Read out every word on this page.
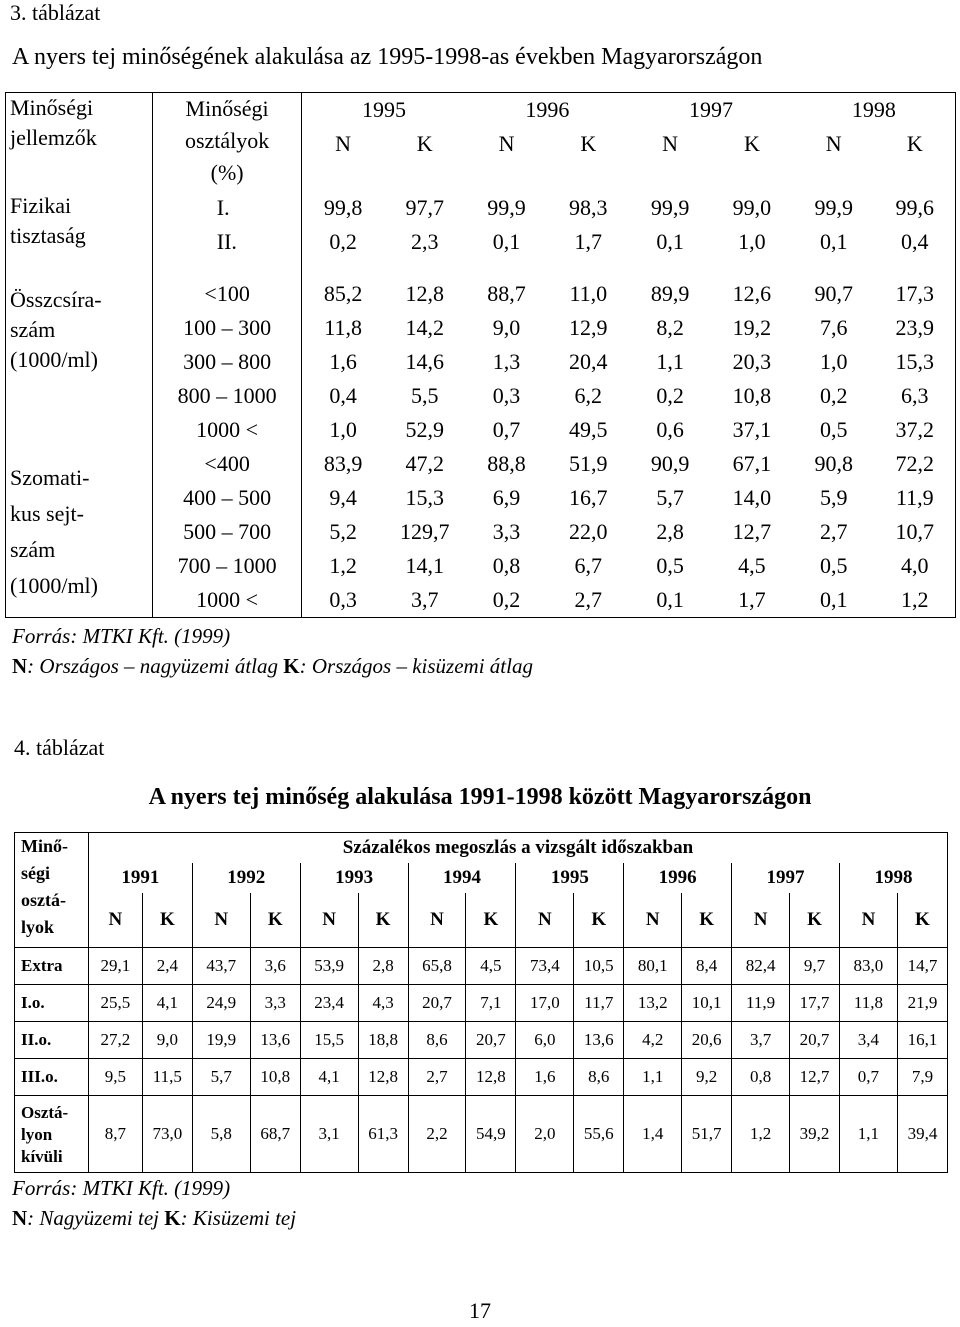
3. táblázat
A nyers tej minőségének alakulása az 1995-1998-as években Magyarországon
Minőségi
jellemzők	Minőségi
osztályok
(%)	1995		1996		1997		1998	
		N	K	N	K	N	K	N	K

Fizikai
tisztaság	I.	99,8	97,7	99,9	98,3	99,9	99,0	99,9	99,6
	II.	0,2	2,3	0,1	1,7	0,1	1,0	0,1	0,4

Összcsíra-
szám
(1000/ml)	<100	85,2	12,8	88,7	11,0	89,9	12,6	90,7	17,3
	100 – 300	11,8	14,2	9,0	12,9	8,2	19,2	7,6	23,9
	300 – 800	1,6	14,6	1,3	20,4	1,1	20,3	1,0	15,3
	800 – 1000	0,4	5,5	0,3	6,2	0,2	10,8	0,2	6,3
	1000 <	1,0	52,9	0,7	49,5	0,6	37,1	0,5	37,2
Szomati-
kus sejt-
szám
(1000/ml)	<400	83,9	47,2	88,8	51,9	90,9	67,1	90,8	72,2
	400 – 500	9,4	15,3	6,9	16,7	5,7	14,0	5,9	11,9
	500 – 700	5,2	129,7	3,3	22,0	2,8	12,7	2,7	10,7
	700 – 1000	1,2	14,1	0,8	6,7	0,5	4,5	0,5	4,0
	1000 <	0,3	3,7	0,2	2,7	0,1	1,7	0,1	1,2
Forrás: MTKI Kft. (1999)
N: Országos – nagyüzemi átlag K: Országos – kisüzemi átlag
4. táblázat
A nyers tej minőség alakulása 1991-1998 között Magyarországon
Minő-
ségi
osztá-
lyok	Százalékos megoszlás a vizsgált időszakban															
	1991		1992		1993		1994		1995		1996		1997		1998	
	N	K	N	K	N	K	N	K	N	K	N	K	N	K	N	K
Extra	29,1	2,4	43,7	3,6	53,9	2,8	65,8	4,5	73,4	10,5	80,1	8,4	82,4	9,7	83,0	14,7
I.o.	25,5	4,1	24,9	3,3	23,4	4,3	20,7	7,1	17,0	11,7	13,2	10,1	11,9	17,7	11,8	21,9
II.o.	27,2	9,0	19,9	13,6	15,5	18,8	8,6	20,7	6,0	13,6	4,2	20,6	3,7	20,7	3,4	16,1
III.o.	9,5	11,5	5,7	10,8	4,1	12,8	2,7	12,8	1,6	8,6	1,1	9,2	0,8	12,7	0,7	7,9
Osztá-
lyon
kívüli	8,7	73,0	5,8	68,7	3,1	61,3	2,2	54,9	2,0	55,6	1,4	51,7	1,2	39,2	1,1	39,4
Forrás: MTKI Kft. (1999)
N: Nagyüzemi tej K: Kisüzemi tej
17
